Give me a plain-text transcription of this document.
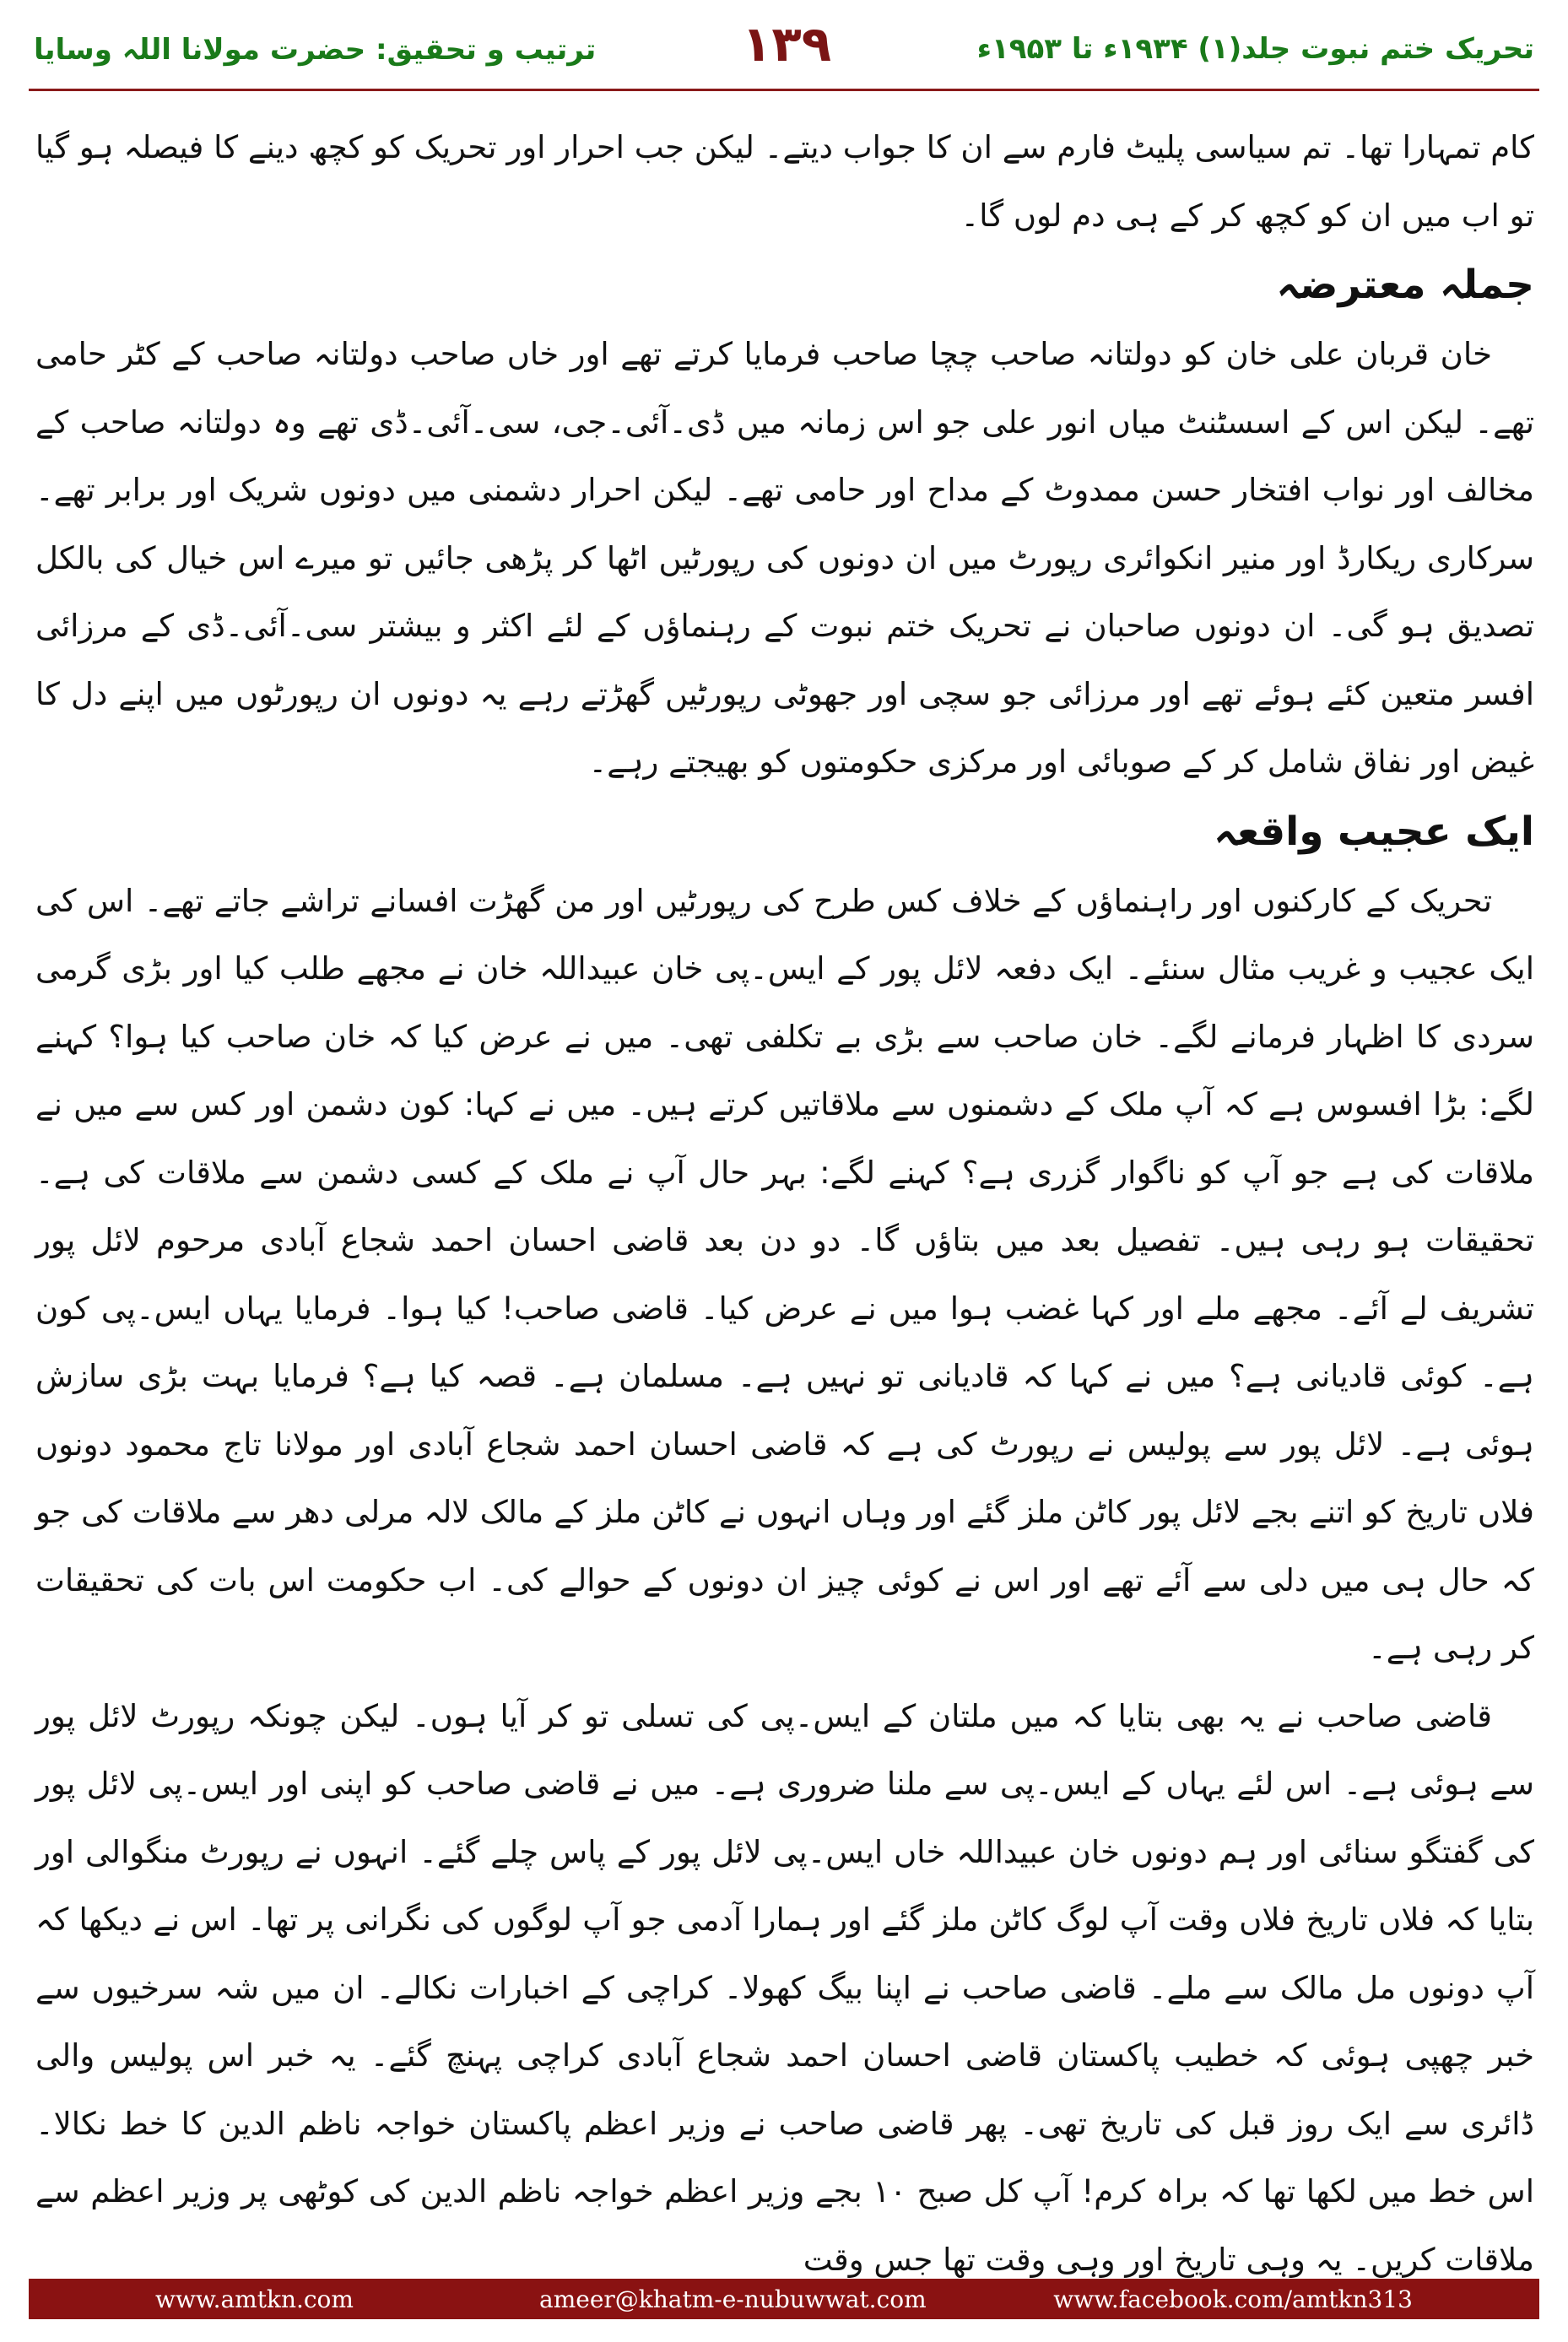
ترتیب و تحقیق: حضرت مولانا اللہ وسایا	۱۳۹	تحریک ختم نبوت جلد(۱) ۱۹۳۴ء تا ۱۹۵۳ء

کام تمہارا تھا۔ تم سیاسی پلیٹ فارم سے ان کا جواب دیتے۔ لیکن جب احرار اور تحریک کو کچھ دینے کا فیصلہ ہو گیا تو اب میں ان کو کچھ کر کے ہی دم لوں گا۔

جملہ معترضہ

خان قربان علی خان کو دولتانہ صاحب چچا صاحب فرمایا کرتے تھے اور خاں صاحب دولتانہ صاحب کے کٹر حامی تھے۔ لیکن اس کے اسسٹنٹ میاں انور علی جو اس زمانہ میں ڈی۔آئی۔جی، سی۔آئی۔ڈی تھے وہ دولتانہ صاحب کے مخالف اور نواب افتخار حسن ممدوٹ کے مداح اور حامی تھے۔ لیکن احرار دشمنی میں دونوں شریک اور برابر تھے۔ سرکاری ریکارڈ اور منیر انکوائری رپورٹ میں ان دونوں کی رپورٹیں اٹھا کر پڑھی جائیں تو میرے اس خیال کی بالکل تصدیق ہو گی۔ ان دونوں صاحبان نے تحریک ختم نبوت کے رہنماؤں کے لئے اکثر و بیشتر سی۔آئی۔ڈی کے مرزائی افسر متعین کئے ہوئے تھے اور مرزائی جو سچی اور جھوٹی رپورٹیں گھڑتے رہے یہ دونوں ان رپورٹوں میں اپنے دل کا غیض اور نفاق شامل کر کے صوبائی اور مرکزی حکومتوں کو بھیجتے رہے۔

ایک عجیب واقعہ

تحریک کے کارکنوں اور راہنماؤں کے خلاف کس طرح کی رپورٹیں اور من گھڑت افسانے تراشے جاتے تھے۔ اس کی ایک عجیب و غریب مثال سنئے۔ ایک دفعہ لائل پور کے ایس۔پی خان عبیداللہ خان نے مجھے طلب کیا اور بڑی گرمی سردی کا اظہار فرمانے لگے۔ خان صاحب سے بڑی بے تکلفی تھی۔ میں نے عرض کیا کہ خان صاحب کیا ہوا؟ کہنے لگے: بڑا افسوس ہے کہ آپ ملک کے دشمنوں سے ملاقاتیں کرتے ہیں۔ میں نے کہا: کون دشمن اور کس سے میں نے ملاقات کی ہے جو آپ کو ناگوار گزری ہے؟ کہنے لگے: بہر حال آپ نے ملک کے کسی دشمن سے ملاقات کی ہے۔ تحقیقات ہو رہی ہیں۔ تفصیل بعد میں بتاؤں گا۔ دو دن بعد قاضی احسان احمد شجاع آبادی مرحوم لائل پور تشریف لے آئے۔ مجھے ملے اور کہا غضب ہوا میں نے عرض کیا۔ قاضی صاحب! کیا ہوا۔ فرمایا یہاں ایس۔پی کون ہے۔ کوئی قادیانی ہے؟ میں نے کہا کہ قادیانی تو نہیں ہے۔ مسلمان ہے۔ قصہ کیا ہے؟ فرمایا بہت بڑی سازش ہوئی ہے۔ لائل پور سے پولیس نے رپورٹ کی ہے کہ قاضی احسان احمد شجاع آبادی اور مولانا تاج محمود دونوں فلاں تاریخ کو اتنے بجے لائل پور کاٹن ملز گئے اور وہاں انہوں نے کاٹن ملز کے مالک لالہ مرلی دھر سے ملاقات کی جو کہ حال ہی میں دلی سے آئے تھے اور اس نے کوئی چیز ان دونوں کے حوالے کی۔ اب حکومت اس بات کی تحقیقات کر رہی ہے۔

قاضی صاحب نے یہ بھی بتایا کہ میں ملتان کے ایس۔پی کی تسلی تو کر آیا ہوں۔ لیکن چونکہ رپورٹ لائل پور سے ہوئی ہے۔ اس لئے یہاں کے ایس۔پی سے ملنا ضروری ہے۔ میں نے قاضی صاحب کو اپنی اور ایس۔پی لائل پور کی گفتگو سنائی اور ہم دونوں خان عبیداللہ خاں ایس۔پی لائل پور کے پاس چلے گئے۔ انہوں نے رپورٹ منگوالی اور بتایا کہ فلاں تاریخ فلاں وقت آپ لوگ کاٹن ملز گئے اور ہمارا آدمی جو آپ لوگوں کی نگرانی پر تھا۔ اس نے دیکھا کہ آپ دونوں مل مالک سے ملے۔ قاضی صاحب نے اپنا بیگ کھولا۔ کراچی کے اخبارات نکالے۔ ان میں شہ سرخیوں سے خبر چھپی ہوئی کہ خطیب پاکستان قاضی احسان احمد شجاع آبادی کراچی پہنچ گئے۔ یہ خبر اس پولیس والی ڈائری سے ایک روز قبل کی تاریخ تھی۔ پھر قاضی صاحب نے وزیر اعظم پاکستان خواجہ ناظم الدین کا خط نکالا۔ اس خط میں لکھا تھا کہ براہ کرم! آپ کل صبح ۱۰ بجے وزیر اعظم خواجہ ناظم الدین کی کوٹھی پر وزیر اعظم سے ملاقات کریں۔ یہ وہی تاریخ اور وہی وقت تھا جس وقت

www.amtkn.com	ameer@khatm-e-nubuwwat.com	www.facebook.com/amtkn313
